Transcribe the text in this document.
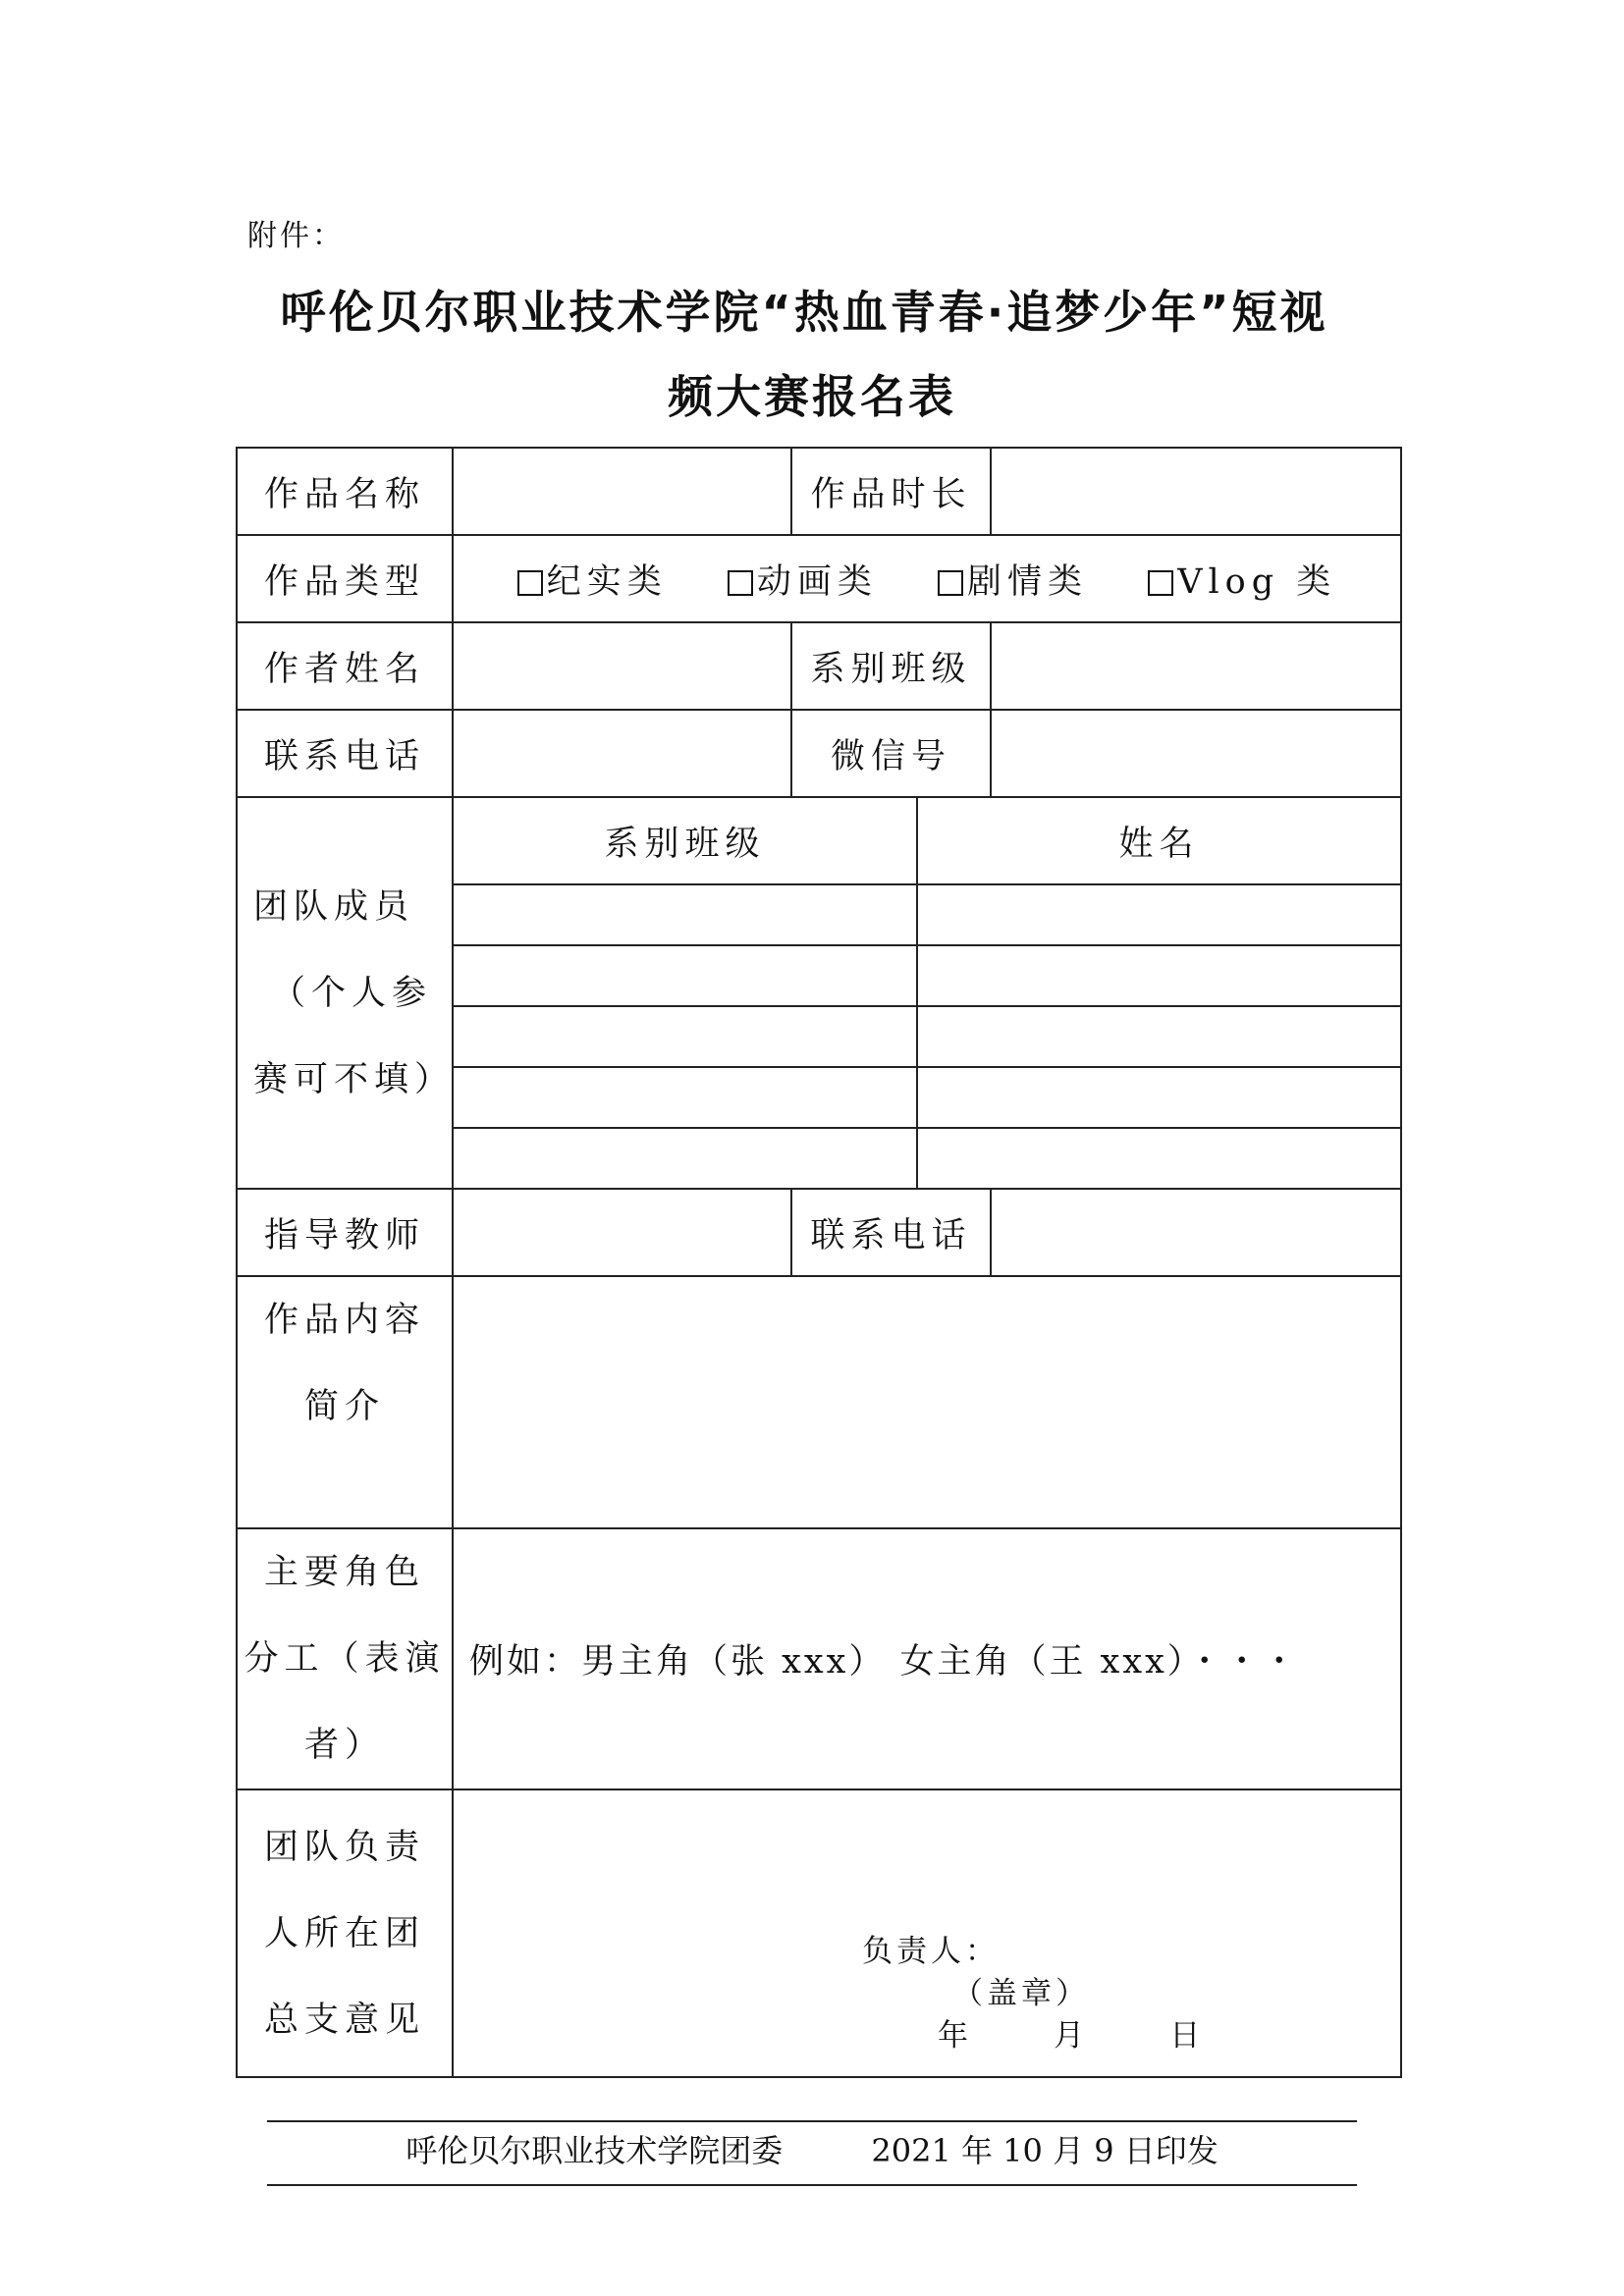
附件：
呼伦贝尔职业技术学院“热血青春·追梦少年”短视
频大赛报名表
作品名称		作品时长		
作品类型	纪实类 动画类 剧情类 Vlog 类			
作者姓名		系别班级		
联系电话		微信号		

团队成员
（个人参
赛可不填）	系别班级		姓名	

指导教师		联系电话		

作品内容
简介				

主要角色
分工（表演
者）	例如：男主角（张 xxx） 女主角（王 xxx）・・・			

团队负责
人所在团
总支意见				

负责人：
（盖章）
年      月      日
呼伦贝尔职业技术学院团委	2021 年 10 月 9 日印发
